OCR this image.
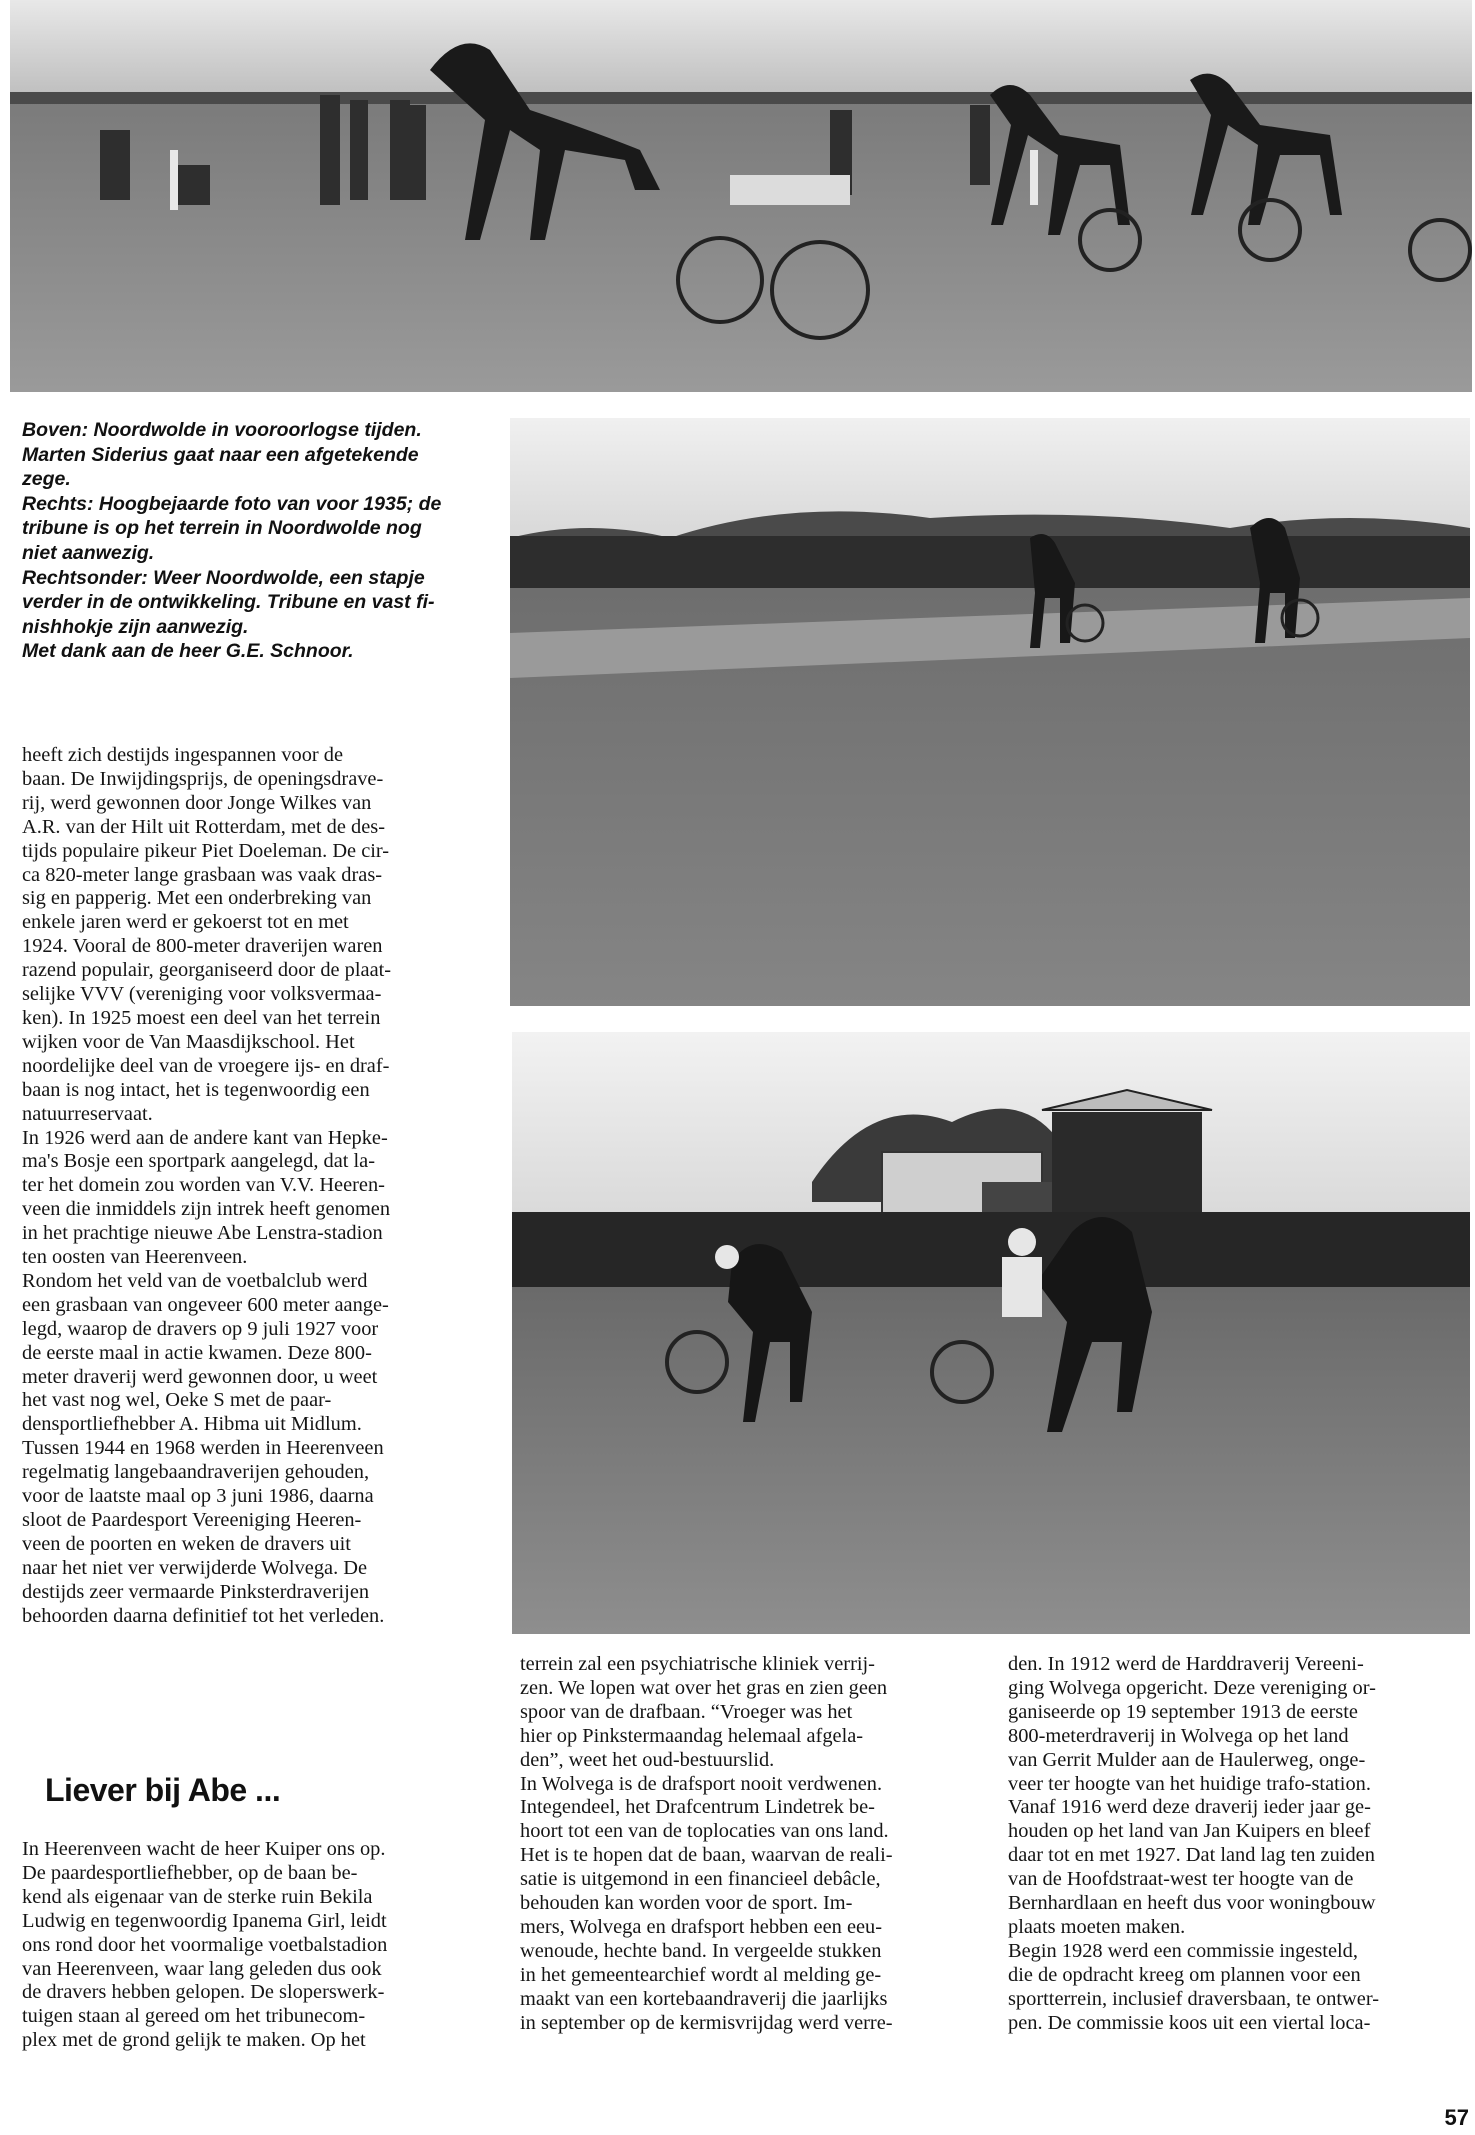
Boven: Noordwolde in vooroorlogse tijden.
Marten Siderius gaat naar een afgetekende
zege.
Rechts: Hoogbejaarde foto van voor 1935; de
tribune is op het terrein in Noordwolde nog
niet aanwezig.
Rechtsonder: Weer Noordwolde, een stapje
verder in de ontwikkeling. Tribune en vast fi-
nishhokje zijn aanwezig.
Met dank aan de heer G.E. Schnoor.

heeft zich destijds ingespannen voor de

baan. De Inwijdingsprijs, de openingsdrave-

rij, werd gewonnen door Jonge Wilkes van

A.R. van der Hilt uit Rotterdam, met de des-

tijds populaire pikeur Piet Doeleman. De cir-

ca 820-meter lange grasbaan was vaak dras-

sig en papperig. Met een onderbreking van

enkele jaren werd er gekoerst tot en met

1924. Vooral de 800-meter draverijen waren

razend populair, georganiseerd door de plaat-

selijke VVV (vereniging voor volksvermaa-

ken). In 1925 moest een deel van het terrein

wijken voor de Van Maasdijkschool. Het

noordelijke deel van de vroegere ijs- en draf-

baan is nog intact, het is tegenwoordig een

natuurreservaat.

In 1926 werd aan de andere kant van Hepke-

ma's Bosje een sportpark aangelegd, dat la-

ter het domein zou worden van V.V. Heeren-

veen die inmiddels zijn intrek heeft genomen

in het prachtige nieuwe Abe Lenstra-stadion

ten oosten van Heerenveen.

Rondom het veld van de voetbalclub werd

een grasbaan van ongeveer 600 meter aange-

legd, waarop de dravers op 9 juli 1927 voor

de eerste maal in actie kwamen. Deze 800-

meter draverij werd gewonnen door, u weet

het vast nog wel, Oeke S met de paar-

densportliefhebber A. Hibma uit Midlum.

Tussen 1944 en 1968 werden in Heerenveen

regelmatig langebaandraverijen gehouden,

voor de laatste maal op 3 juni 1986, daarna

sloot de Paardesport Vereeniging Heeren-

veen de poorten en weken de dravers uit

naar het niet ver verwijderde Wolvega. De

destijds zeer vermaarde Pinksterdraverijen

behoorden daarna definitief tot het verleden.

Liever bij Abe ...

In Heerenveen wacht de heer Kuiper ons op.

De paardesportliefhebber, op de baan be-

kend als eigenaar van de sterke ruin Bekila

Ludwig en tegenwoordig Ipanema Girl, leidt

ons rond door het voormalige voetbalstadion

van Heerenveen, waar lang geleden dus ook

de dravers hebben gelopen. De sloperswerk-

tuigen staan al gereed om het tribunecom-

plex met de grond gelijk te maken. Op het

terrein zal een psychiatrische kliniek verrij-

zen. We lopen wat over het gras en zien geen

spoor van de drafbaan. “Vroeger was het

hier op Pinkstermaandag helemaal afgela-

den”, weet het oud-bestuurslid.

In Wolvega is de drafsport nooit verdwenen.

Integendeel, het Drafcentrum Lindetrek be-

hoort tot een van de toplocaties van ons land.

Het is te hopen dat de baan, waarvan de reali-

satie is uitgemond in een financieel debâcle,

behouden kan worden voor de sport. Im-

mers, Wolvega en drafsport hebben een eeu-

wenoude, hechte band. In vergeelde stukken

in het gemeentearchief wordt al melding ge-

maakt van een kortebaandraverij die jaarlijks

in september op de kermisvrijdag werd verre-

den. In 1912 werd de Harddraverij Vereeni-

ging Wolvega opgericht. Deze vereniging or-

ganiseerde op 19 september 1913 de eerste

800-meterdraverij in Wolvega op het land

van Gerrit Mulder aan de Haulerweg, onge-

veer ter hoogte van het huidige trafo-station.

Vanaf 1916 werd deze draverij ieder jaar ge-

houden op het land van Jan Kuipers en bleef

daar tot en met 1927. Dat land lag ten zuiden

van de Hoofdstraat-west ter hoogte van de

Bernhardlaan en heeft dus voor woningbouw

plaats moeten maken.

Begin 1928 werd een commissie ingesteld,

die de opdracht kreeg om plannen voor een

sportterrein, inclusief draversbaan, te ontwer-

pen. De commissie koos uit een viertal loca-

57
